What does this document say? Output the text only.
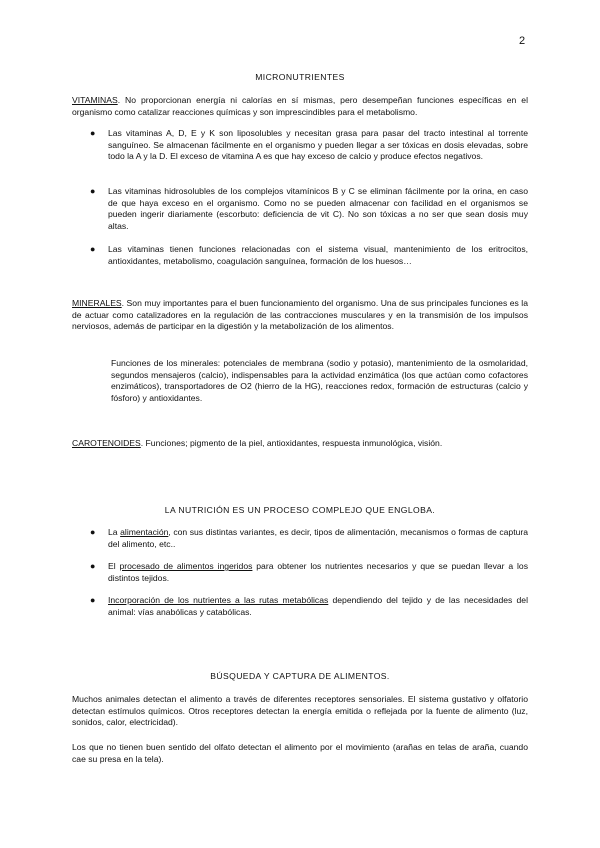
2
MICRONUTRIENTES
VITAMINAS. No proporcionan energía ni calorías en sí mismas, pero desempeñan funciones específicas en el organismo como catalizar reacciones químicas y son imprescindibles para el metabolismo.
● Las vitaminas A, D, E y K son liposolubles y necesitan grasa para pasar del tracto intestinal al torrente sanguíneo. Se almacenan fácilmente en el organismo y pueden llegar a ser tóxicas en dosis elevadas, sobre todo la A y la D. El exceso de vitamina A es que hay exceso de calcio y produce efectos negativos.
● Las vitaminas hidrosolubles de los complejos vitamínicos B y C se eliminan fácilmente por la orina, en caso de que haya exceso en el organismo. Como no se pueden almacenar con facilidad en el organismos se pueden ingerir diariamente (escorbuto: deficiencia de vit C). No son tóxicas a no ser que sean dosis muy altas.
● Las vitaminas tienen funciones relacionadas con el sistema visual, mantenimiento de los eritrocitos, antioxidantes, metabolismo, coagulación sanguínea, formación de los huesos…
MINERALES. Son muy importantes para el buen funcionamiento del organismo. Una de sus principales funciones es la de actuar como catalizadores en la regulación de las contracciones musculares y en la transmisión de los impulsos nerviosos, además de participar en la digestión y la metabolización de los alimentos.
Funciones de los minerales: potenciales de membrana (sodio y potasio), mantenimiento de la osmolaridad, segundos mensajeros (calcio), indispensables para la actividad enzimática (los que actúan como cofactores enzimáticos), transportadores de O2 (hierro de la HG), reacciones redox, formación de estructuras (calcio y fósforo) y antioxidantes.
CAROTENOIDES. Funciones; pigmento de la piel, antioxidantes, respuesta inmunológica, visión.
LA NUTRICIÓN ES UN PROCESO COMPLEJO QUE ENGLOBA.
● La alimentación, con sus distintas variantes, es decir, tipos de alimentación, mecanismos o formas de captura del alimento, etc..
● El procesado de alimentos ingeridos para obtener los nutrientes necesarios y que se puedan llevar a los distintos tejidos.
● Incorporación de los nutrientes a las rutas metabólicas dependiendo del tejido y de las necesidades del animal: vías anabólicas y catabólicas.
BÚSQUEDA Y CAPTURA DE ALIMENTOS.
Muchos animales detectan el alimento a través de diferentes receptores sensoriales. El sistema gustativo y olfatorio detectan estímulos químicos. Otros receptores detectan la energía emitida o reflejada por la fuente de alimento (luz, sonidos, calor, electricidad).
Los que no tienen buen sentido del olfato detectan el alimento por el movimiento (arañas en telas de araña, cuando cae su presa en la tela).
